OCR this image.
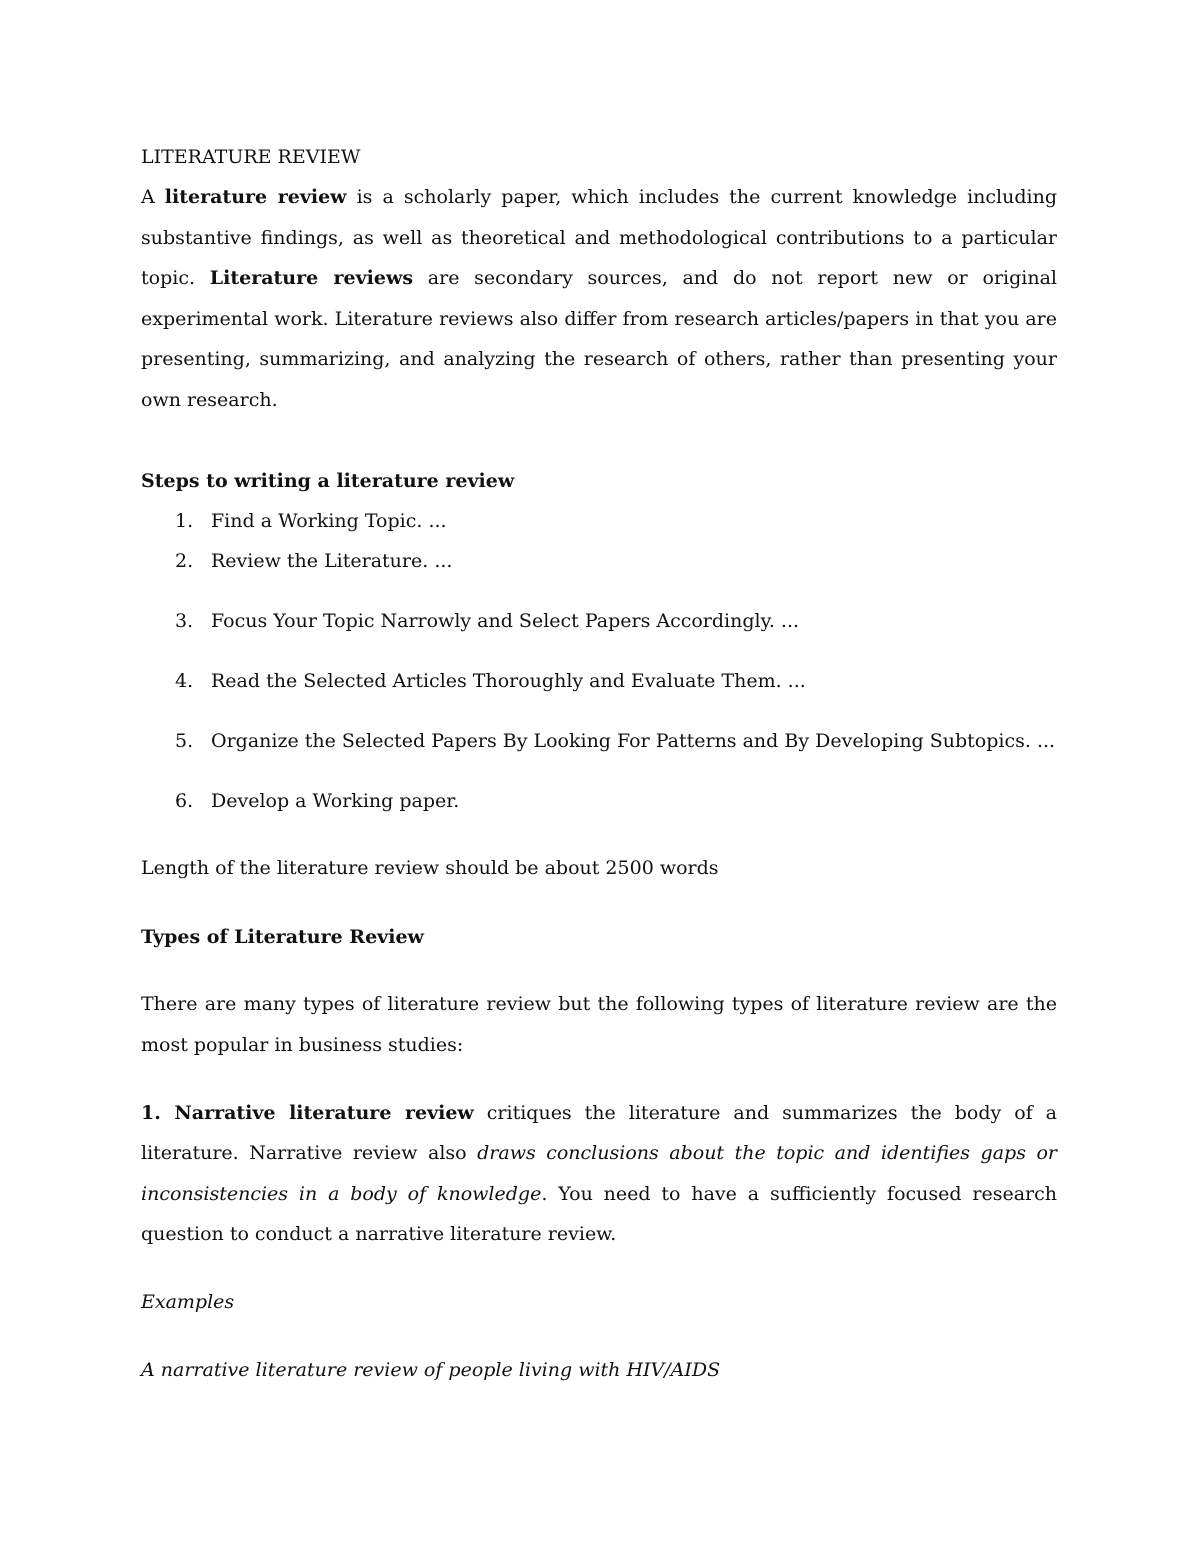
LITERATURE REVIEW

A literature review is a scholarly paper, which includes the current knowledge including substantive findings, as well as theoretical and methodological contributions to a particular topic. Literature reviews are secondary sources, and do not report new or original experimental work. Literature reviews also differ from research articles/papers in that you are presenting, summarizing, and analyzing the research of others, rather than presenting your own research.

Steps to writing a literature review

1. Find a Working Topic. ...
2. Review the Literature. ...
3. Focus Your Topic Narrowly and Select Papers Accordingly. ...
4. Read the Selected Articles Thoroughly and Evaluate Them. ...
5. Organize the Selected Papers By Looking For Patterns and By Developing Subtopics. ...
6. Develop a Working paper.

Length of the literature review should be about 2500 words

Types of Literature Review

There are many types of literature review but the following types of literature review are the most popular in business studies:

1. Narrative literature review critiques the literature and summarizes the body of a literature. Narrative review also draws conclusions about the topic and identifies gaps or inconsistencies in a body of knowledge. You need to have a sufficiently focused research question to conduct a narrative literature review.

Examples

A narrative literature review of people living with HIV/AIDS
